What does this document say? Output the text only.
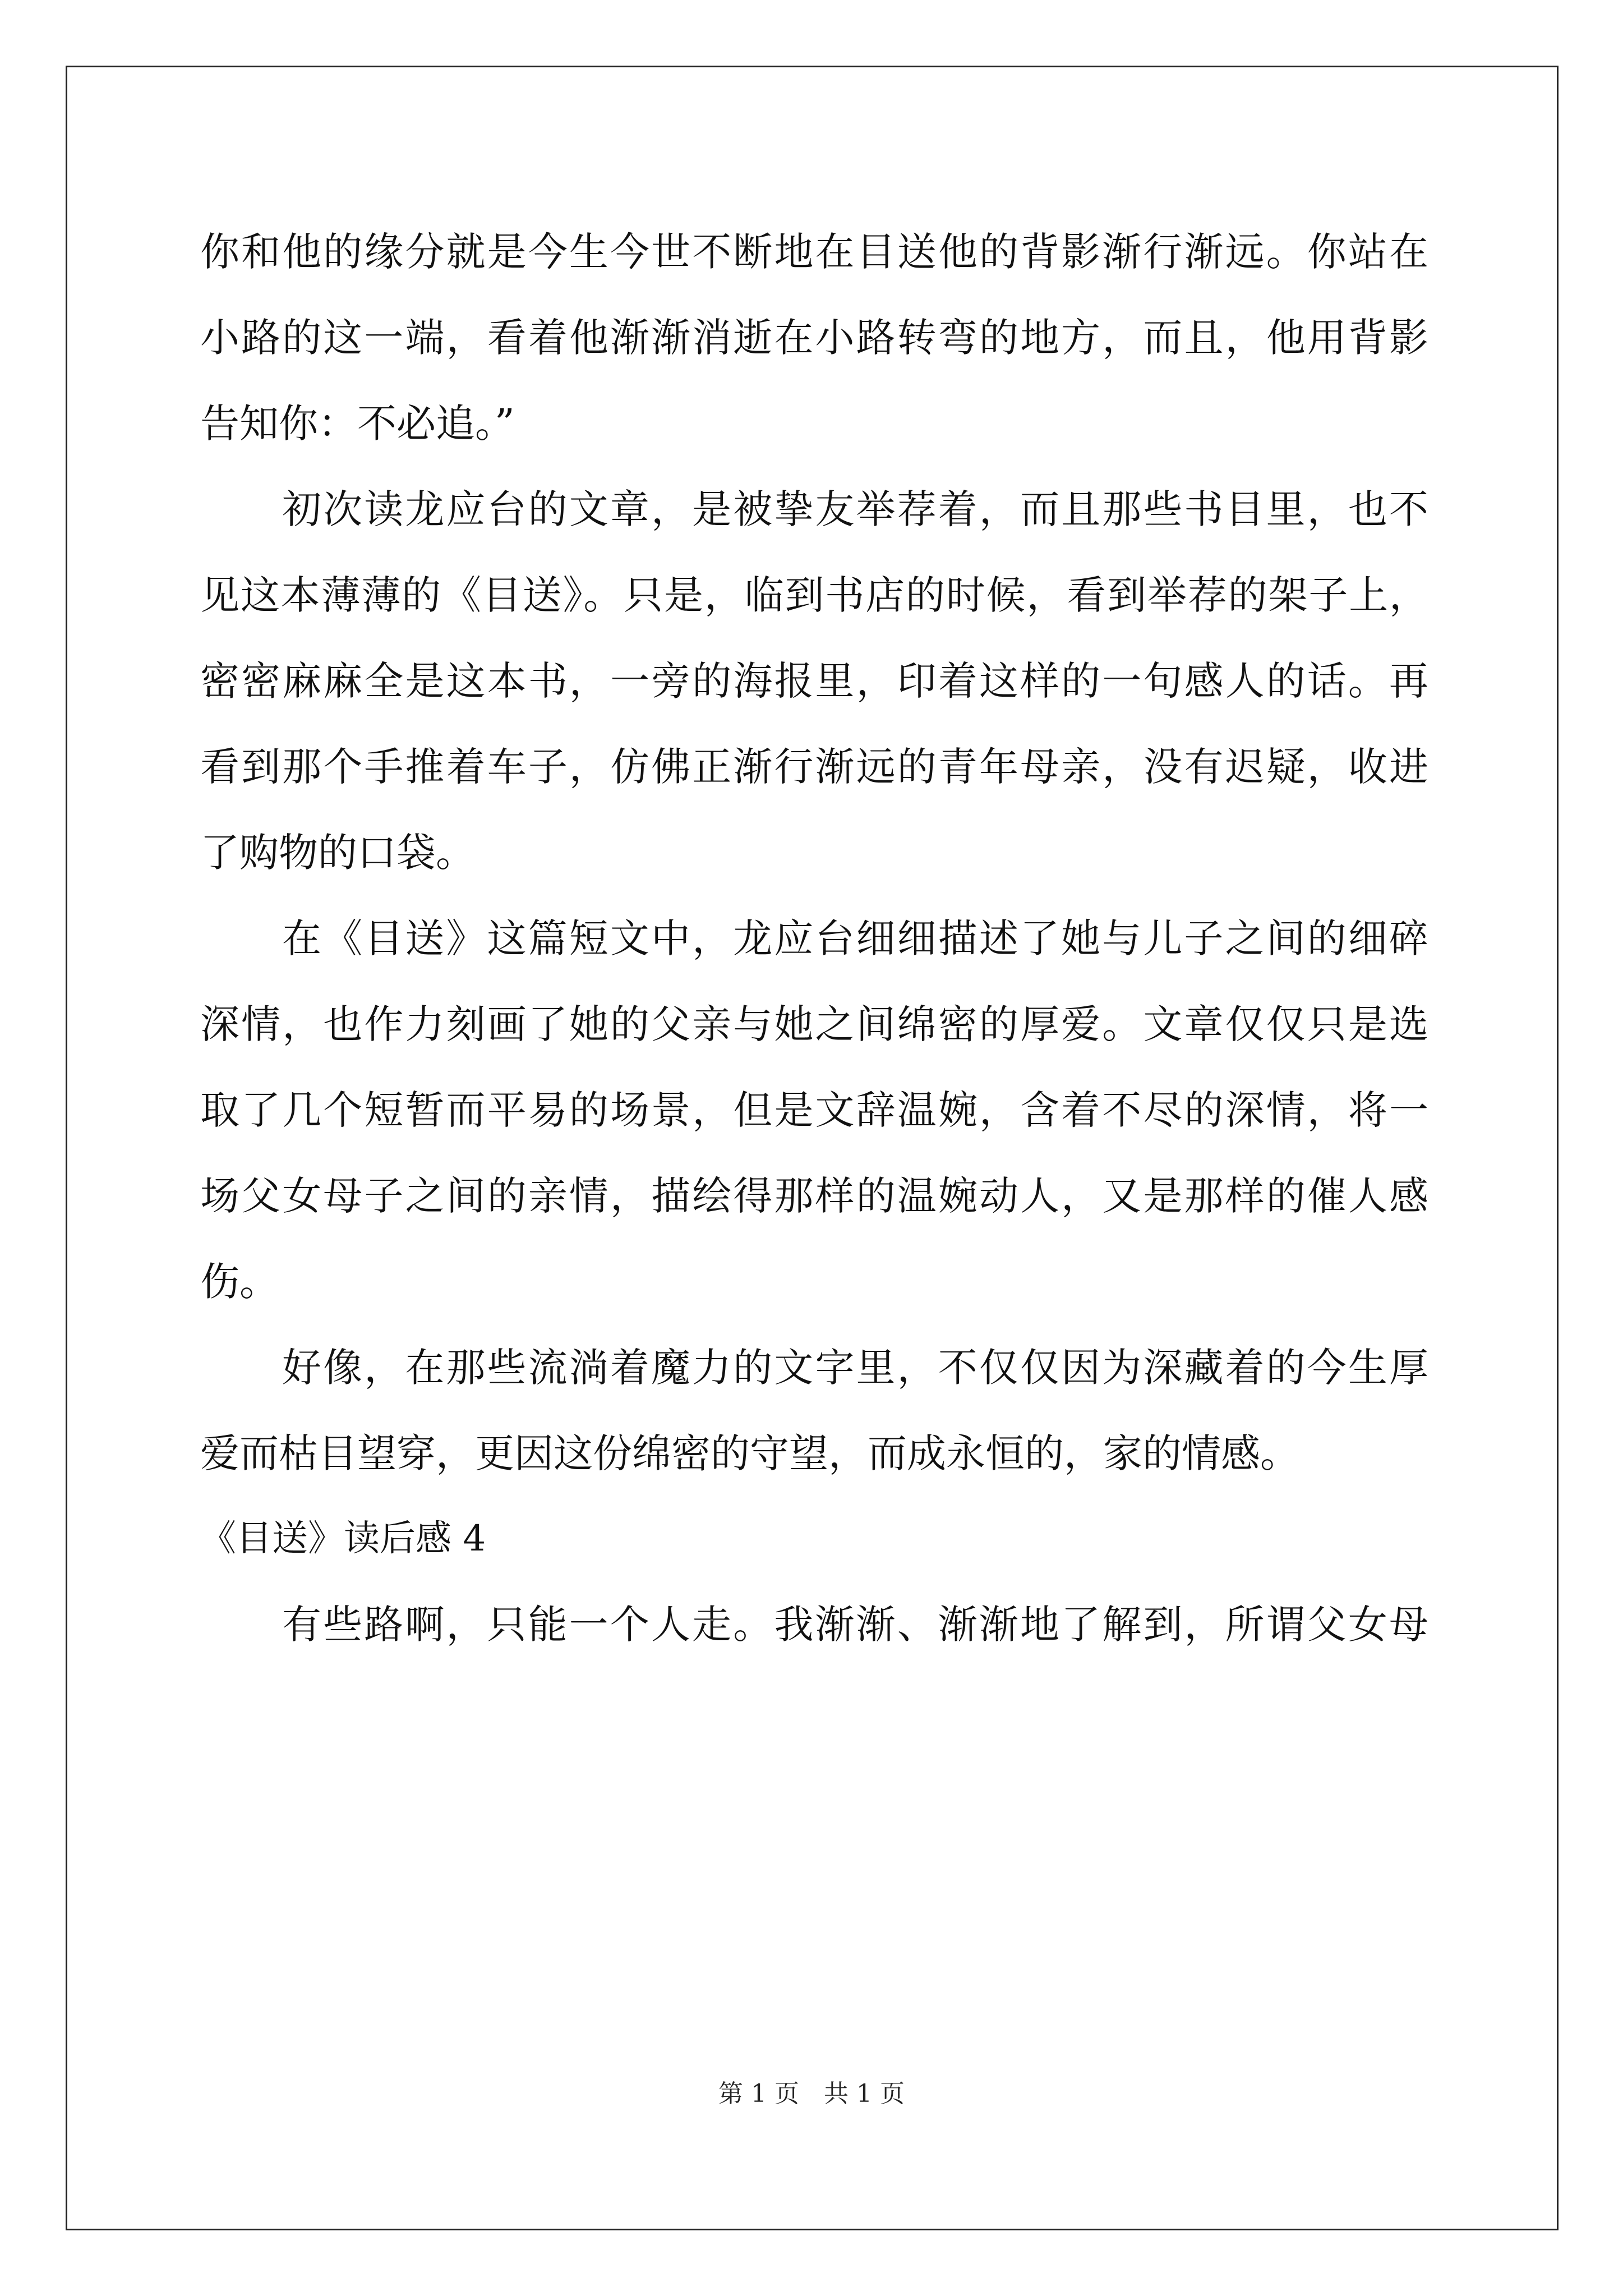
你和他的缘分就是今生今世不断地在目送他的背影渐行渐远。你站在
小路的这一端，看着他渐渐消逝在小路转弯的地方，而且，他用背影
告知你：不必追。”
初次读龙应台的文章，是被挚友举荐着，而且那些书目里，也不
见这本薄薄的《目送》。只是，临到书店的时候，看到举荐的架子上，
密密麻麻全是这本书，一旁的海报里，印着这样的一句感人的话。再
看到那个手推着车子，仿佛正渐行渐远的青年母亲，没有迟疑，收进
了购物的口袋。
在《目送》这篇短文中，龙应台细细描述了她与儿子之间的细碎
深情，也作力刻画了她的父亲与她之间绵密的厚爱。文章仅仅只是选
取了几个短暂而平易的场景，但是文辞温婉，含着不尽的深情，将一
场父女母子之间的亲情，描绘得那样的温婉动人，又是那样的催人感
伤。
好像，在那些流淌着魔力的文字里，不仅仅因为深藏着的今生厚
爱而枯目望穿，更因这份绵密的守望，而成永恒的，家的情感。
《目送》读后感 4
有些路啊，只能一个人走。我渐渐、渐渐地了解到，所谓父女母
第 1 页　共 1 页
